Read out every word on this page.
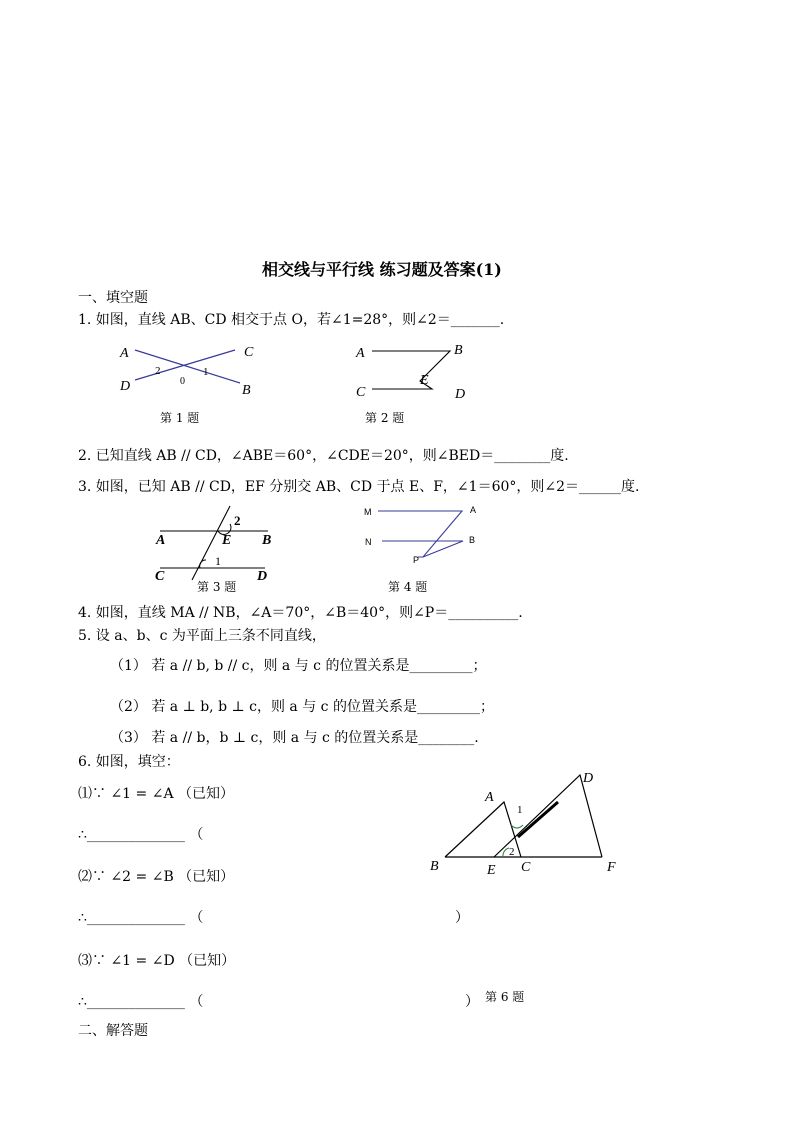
相交线与平行线 练习题及答案(1)
一、填空题
1. 如图，直线 AB、CD 相交于点 O，若∠1=28°，则∠2＝_______.
A	C
D	B
2	1
0
第 1 题
A	B
C	D
E
第 2 题
2. 已知直线 AB // CD，∠ABE＝60°，∠CDE＝20°，则∠BED＝________度.
3. 如图，已知 AB // CD，EF 分别交 AB、CD 于点 E、F，∠1＝60°，则∠2＝______度.
2
1
A	E B
C	D
第 3 题
M	A
N	B
P
第 4 题
4. 如图，直线 MA // NB，∠A＝70°，∠B＝40°，则∠P＝__________.
5. 设 a、b、c 为平面上三条不同直线，
（1） 若 a // b, b // c，则 a 与 c 的位置关系是_________；
（2） 若 a ⊥ b, b ⊥ c，则 a 与 c 的位置关系是_________；
（3） 若 a // b，b ⊥ c，则 a 与 c 的位置关系是________.
6. 如图，填空：
⑴∵ ∠1 = ∠A （已知）
∴______________ （
⑵∵ ∠2 = ∠B （已知）
∴______________ （	）
⑶∵ ∠1 = ∠D （已知）
∴______________ （	）
A
B	E C
D
F
1
2
第 6 题
二、解答题
